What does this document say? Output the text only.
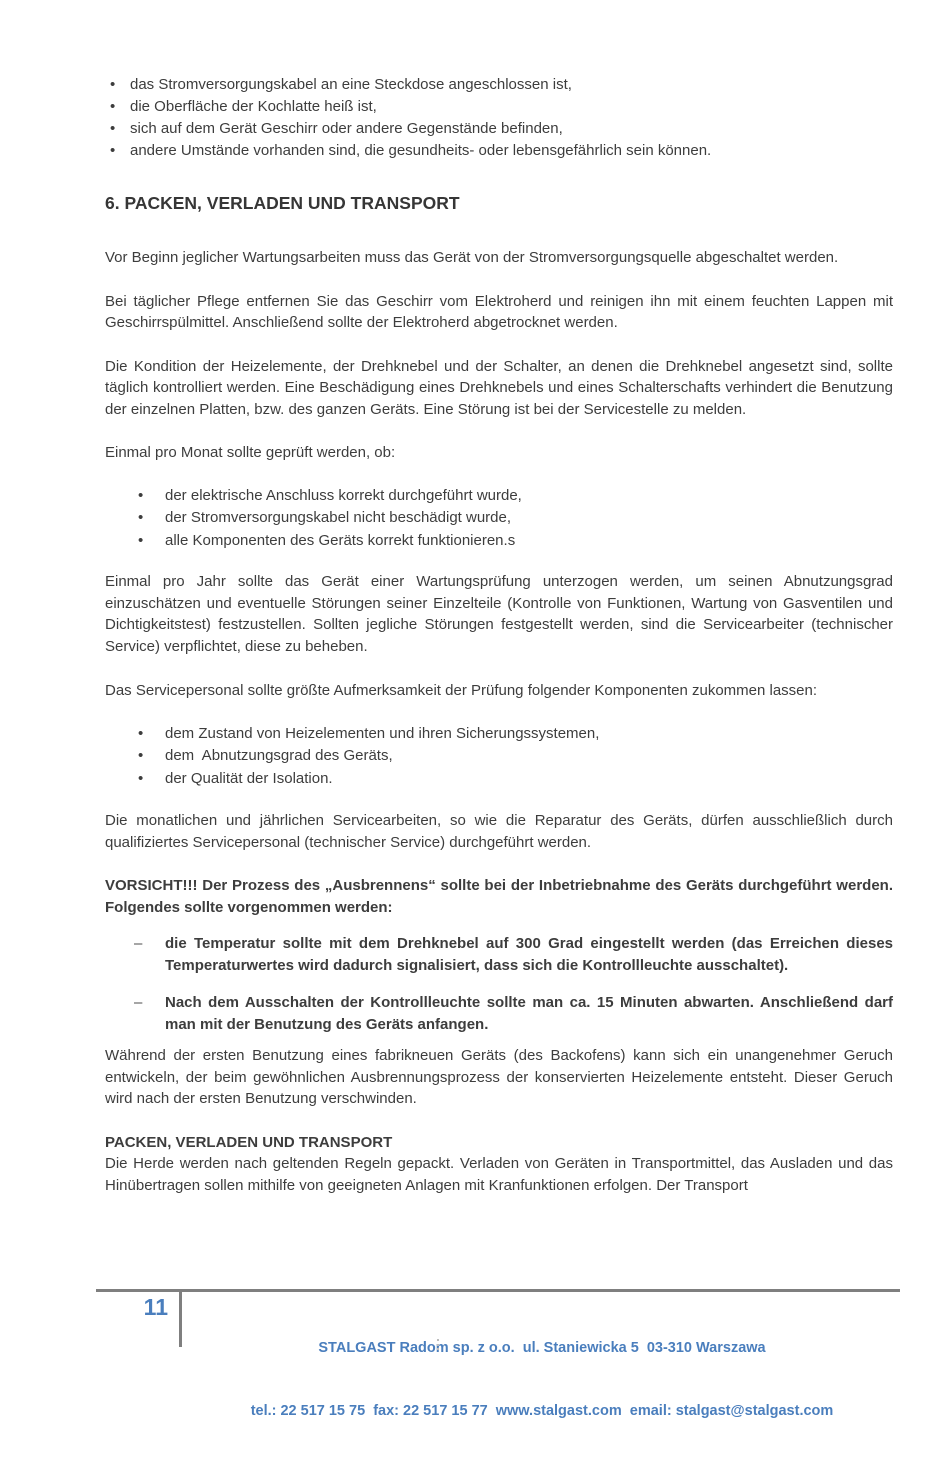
• das Stromversorgungskabel an eine Steckdose angeschlossen ist,
• die Oberfläche der Kochlatte heiß ist,
• sich auf dem Gerät Geschirr oder andere Gegenstände befinden,
• andere Umstände vorhanden sind, die gesundheits- oder lebensgefährlich sein können.
6. PACKEN, VERLADEN UND TRANSPORT

Vor Beginn jeglicher Wartungsarbeiten muss das Gerät von der Stromversorgungsquelle abgeschaltet werden.

Bei täglicher Pflege entfernen Sie das Geschirr vom Elektroherd und reinigen ihn mit einem feuchten Lappen mit Geschirrspülmittel. Anschließend sollte der Elektroherd abgetrocknet werden.

Die Kondition der Heizelemente, der Drehknebel und der Schalter, an denen die Drehknebel angesetzt sind, sollte täglich kontrolliert werden. Eine Beschädigung eines Drehknebels und eines Schalterschafts verhindert die Benutzung der einzelnen Platten, bzw. des ganzen Geräts. Eine Störung ist bei der Servicestelle zu melden.

Einmal pro Monat sollte geprüft werden, ob:

• der elektrische Anschluss korrekt durchgeführt wurde,
• der Stromversorgungskabel nicht beschädigt wurde,
• alle Komponenten des Geräts korrekt funktionieren.s

Einmal pro Jahr sollte das Gerät einer Wartungsprüfung unterzogen werden, um seinen Abnutzungsgrad einzuschätzen und eventuelle Störungen seiner Einzelteile (Kontrolle von Funktionen, Wartung von Gasventilen und Dichtigkeitstest) festzustellen. Sollten jegliche Störungen festgestellt werden, sind die Servicearbeiter (technischer Service) verpflichtet, diese zu beheben.

Das Servicepersonal sollte größte Aufmerksamkeit der Prüfung folgender Komponenten zukommen lassen:

• dem Zustand von Heizelementen und ihren Sicherungssystemen,
• dem  Abnutzungsgrad des Geräts,
• der Qualität der Isolation.

Die monatlichen und jährlichen Servicearbeiten, so wie die Reparatur des Geräts, dürfen ausschließlich durch qualifiziertes Servicepersonal (technischer Service) durchgeführt werden.

VORSICHT!!! Der Prozess des „Ausbrennens“ sollte bei der Inbetriebnahme des Geräts durchgeführt werden. Folgendes sollte vorgenommen werden:

– die Temperatur sollte mit dem Drehknebel auf 300 Grad eingestellt werden (das Erreichen dieses Temperaturwertes wird dadurch signalisiert, dass sich die Kontrollleuchte ausschaltet).
– Nach dem Ausschalten der Kontrollleuchte sollte man ca. 15 Minuten abwarten. Anschließend darf man mit der Benutzung des Geräts anfangen.

Während der ersten Benutzung eines fabrikneuen Geräts (des Backofens) kann sich ein unangenehmer Geruch entwickeln, der beim gewöhnlichen Ausbrennungsprozess der konservierten Heizelemente entsteht. Dieser Geruch wird nach der ersten Benutzung verschwinden.

PACKEN, VERLADEN UND TRANSPORT

Die Herde werden nach geltenden Regeln gepackt. Verladen von Geräten in Transportmittel, das Ausladen und das Hinübertragen sollen mithilfe von geeigneten Anlagen mit Kranfunktionen erfolgen. Der Transport

11

STALGAST Radom sp. z o.o.  ul. Staniewicka 5  03-310 Warszawa

tel.: 22 517 15 75  fax: 22 517 15 77  www.stalgast.com  email: stalgast@stalgast.com
